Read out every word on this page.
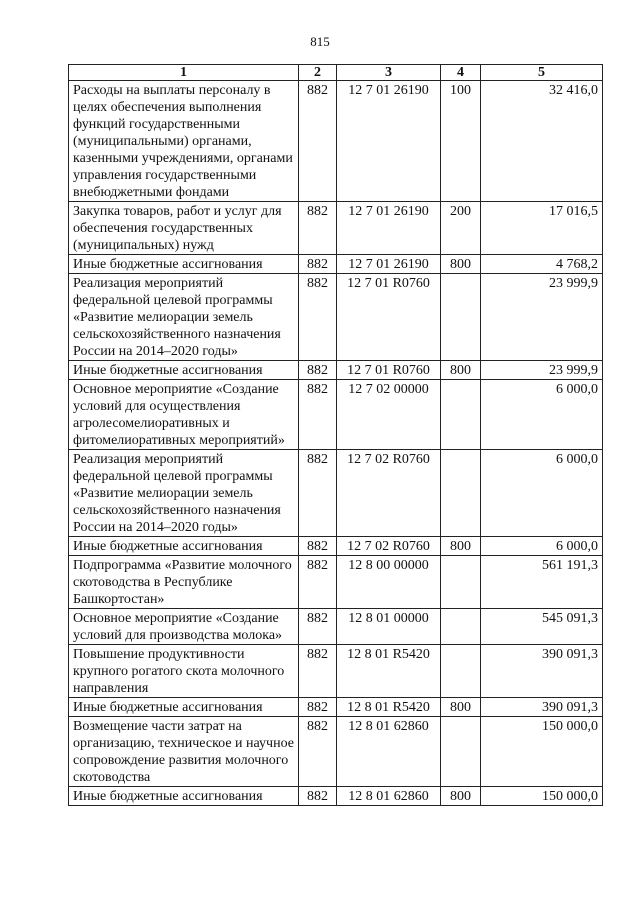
815
1	2	3	4	5
Расходы на выплаты персоналу в целях обеспечения выполнения функций государственными (муниципальными) органами, казенными учреждениями, органами управления государственными внебюджетными фондами	882	12 7 01 26190	100	32 416,0
Закупка товаров, работ и услуг для обеспечения государственных (муниципальных) нужд	882	12 7 01 26190	200	17 016,5
Иные бюджетные ассигнования	882	12 7 01 26190	800	4 768,2
Реализация мероприятий федеральной целевой программы «Развитие мелиорации земель сельскохозяйственного назначения России на 2014–2020 годы»	882	12 7 01 R0760		23 999,9
Иные бюджетные ассигнования	882	12 7 01 R0760	800	23 999,9
Основное мероприятие «Создание условий для осуществления агролесомелиоративных и фитомелиоративных мероприятий»	882	12 7 02 00000		6 000,0
Реализация мероприятий федеральной целевой программы «Развитие мелиорации земель сельскохозяйственного назначения России на 2014–2020 годы»	882	12 7 02 R0760		6 000,0
Иные бюджетные ассигнования	882	12 7 02 R0760	800	6 000,0
Подпрограмма «Развитие молочного скотоводства в Республике Башкортостан»	882	12 8 00 00000		561 191,3
Основное мероприятие «Создание условий для производства молока»	882	12 8 01 00000		545 091,3
Повышение продуктивности крупного рогатого скота молочного направления	882	12 8 01 R5420		390 091,3
Иные бюджетные ассигнования	882	12 8 01 R5420	800	390 091,3
Возмещение части затрат на организацию, техническое и научное сопровождение развития молочного скотоводства	882	12 8 01 62860		150 000,0
Иные бюджетные ассигнования	882	12 8 01 62860	800	150 000,0
